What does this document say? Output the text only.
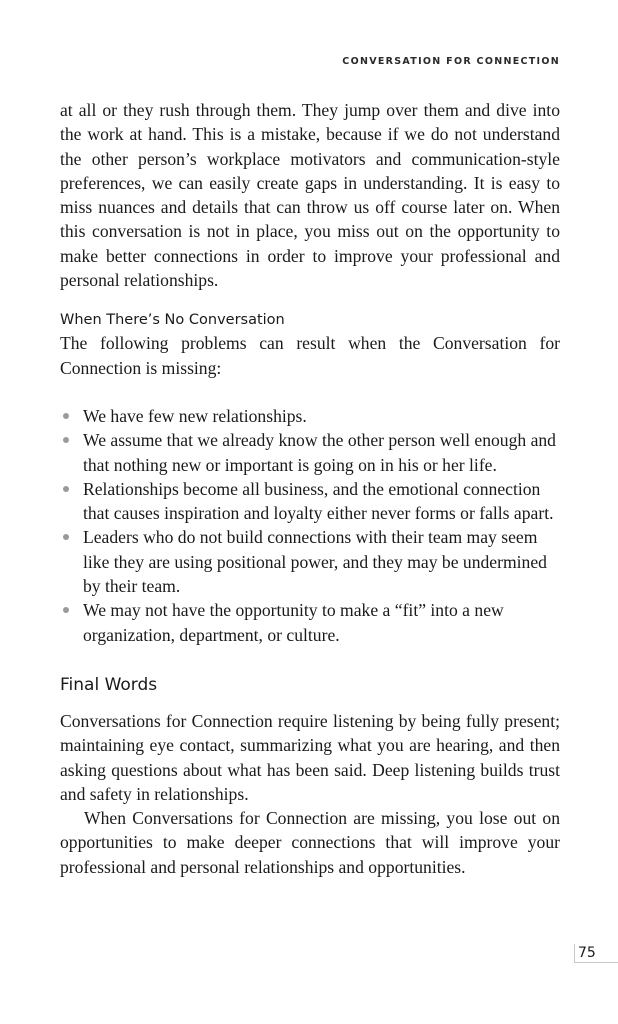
CONVERSATION FOR CONNECTION

at all or they rush through them. They jump over them and dive into the work at hand. This is a mistake, because if we do not understand the other person’s workplace motivators and communication-style preferences, we can easily create gaps in understanding. It is easy to miss nuances and details that can throw us off course later on. When this conversation is not in place, you miss out on the opportunity to make better connections in order to improve your professional and personal relationships.

When There’s No Conversation

The following problems can result when the Conversation for Connection is missing:

We have few new relationships.
We assume that we already know the other person well enough and that nothing new or important is going on in his or her life.
Relationships become all business, and the emotional connection that causes inspiration and loyalty either never forms or falls apart.
Leaders who do not build connections with their team may seem like they are using positional power, and they may be undermined by their team.
We may not have the opportunity to make a “fit” into a new organization, department, or culture.
Final Words

Conversations for Connection require listening by being fully present; maintaining eye contact, summarizing what you are hearing, and then asking questions about what has been said. Deep listening builds trust and safety in relationships.

When Conversations for Connection are missing, you lose out on opportunities to make deeper connections that will improve your professional and personal relationships and opportunities.

75
